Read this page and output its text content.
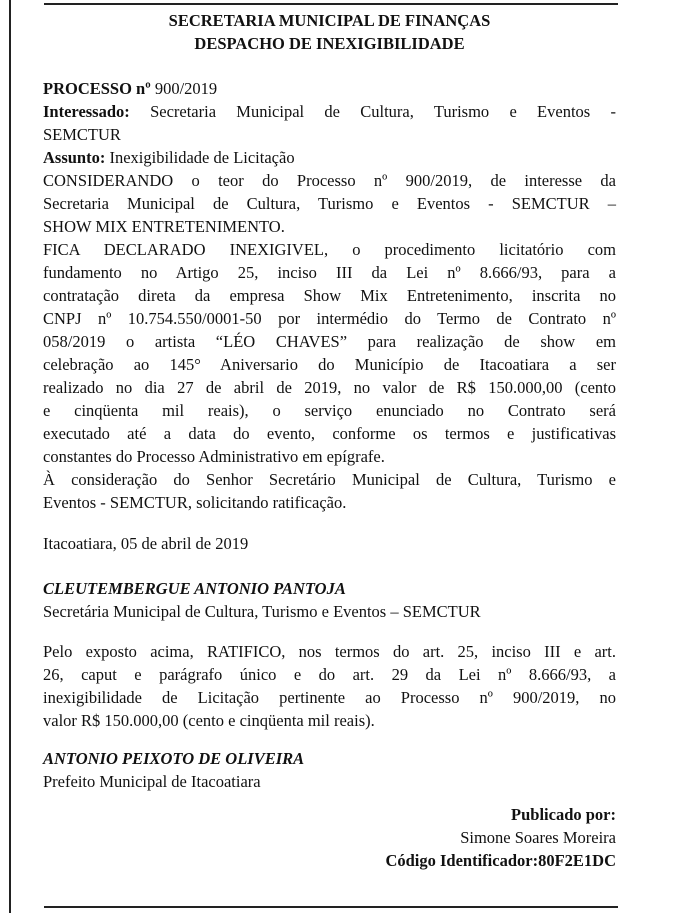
SECRETARIA MUNICIPAL DE FINANÇAS
DESPACHO DE INEXIGIBILIDADE

PROCESSO nº 900/2019

Interessado: Secretaria Municipal de Cultura, Turismo e Eventos -

SEMCTUR

Assunto: Inexigibilidade de Licitação

CONSIDERANDO o teor do Processo nº 900/2019, de interesse da

Secretaria Municipal de Cultura, Turismo e Eventos - SEMCTUR –

SHOW MIX ENTRETENIMENTO.

FICA DECLARADO INEXIGIVEL, o procedimento licitatório com

fundamento no Artigo 25, inciso III da Lei nº 8.666/93, para a

contratação direta da empresa Show Mix Entretenimento, inscrita no

CNPJ nº 10.754.550/0001-50 por intermédio do Termo de Contrato nº

058/2019 o artista “LÉO CHAVES” para realização de show em

celebração ao 145° Aniversario do Município de Itacoatiara a ser

realizado no dia 27 de abril de 2019, no valor de R$ 150.000,00 (cento

e cinqüenta mil reais), o serviço enunciado no Contrato será

executado até a data do evento, conforme os termos e justificativas

constantes do Processo Administrativo em epígrafe.

À consideração do Senhor Secretário Municipal de Cultura, Turismo e

Eventos - SEMCTUR, solicitando ratificação.

Itacoatiara, 05 de abril de 2019

CLEUTEMBERGUE ANTONIO PANTOJA

Secretária Municipal de Cultura, Turismo e Eventos – SEMCTUR

Pelo exposto acima, RATIFICO, nos termos do art. 25, inciso III e art.

26, caput e parágrafo único e do art. 29 da Lei nº 8.666/93, a

inexigibilidade de Licitação pertinente ao Processo nº 900/2019, no

valor R$ 150.000,00 (cento e cinqüenta mil reais).

ANTONIO PEIXOTO DE OLIVEIRA

Prefeito Municipal de Itacoatiara

Publicado por:

Simone Soares Moreira

Código Identificador:80F2E1DC
